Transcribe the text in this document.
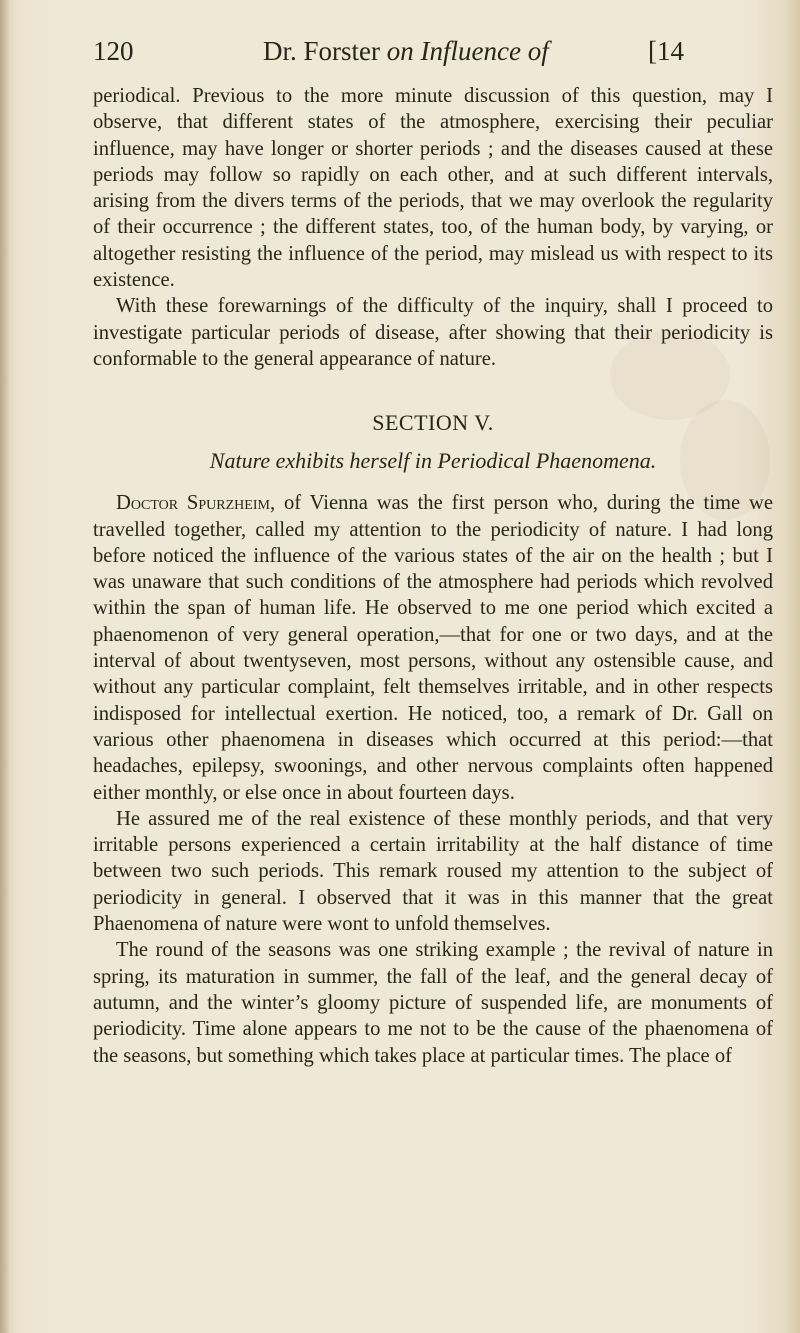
120	Dr. Forster on Influence of	[14

periodical. Previous to the more minute discussion of this question, may I observe, that different states of the atmosphere, exercising their peculiar influence, may have longer or shorter periods ; and the diseases caused at these periods may follow so rapidly on each other, and at such different intervals, arising from the divers terms of the periods, that we may overlook the regularity of their occurrence ; the different states, too, of the human body, by varying, or altogether resisting the influence of the period, may mislead us with respect to its existence.

With these forewarnings of the difficulty of the inquiry, shall I proceed to investigate particular periods of disease, after showing that their periodicity is conformable to the general appearance of nature.

SECTION V.
Nature exhibits herself in Periodical Phaenomena.

Doctor Spurzheim, of Vienna was the first person who, during the time we travelled together, called my attention to the periodicity of nature. I had long before noticed the influence of the various states of the air on the health ; but I was unaware that such conditions of the atmosphere had periods which revolved within the span of human life. He observed to me one period which excited a phaenomenon of very general operation,—that for one or two days, and at the interval of about twentyseven, most persons, without any ostensible cause, and without any particular complaint, felt themselves irritable, and in other respects indisposed for intellectual exertion. He noticed, too, a remark of Dr. Gall on various other phaenomena in diseases which occurred at this period:—that headaches, epilepsy, swoonings, and other nervous complaints often happened either monthly, or else once in about fourteen days.

He assured me of the real existence of these monthly periods, and that very irritable persons experienced a certain irritability at the half distance of time between two such periods. This remark roused my attention to the subject of periodicity in general. I observed that it was in this manner that the great Phaenomena of nature were wont to unfold themselves.

The round of the seasons was one striking example ; the revival of nature in spring, its maturation in summer, the fall of the leaf, and the general decay of autumn, and the winter’s gloomy picture of suspended life, are monuments of periodicity. Time alone appears to me not to be the cause of the phaenomena of the seasons, but something which takes place at particular times. The place of
